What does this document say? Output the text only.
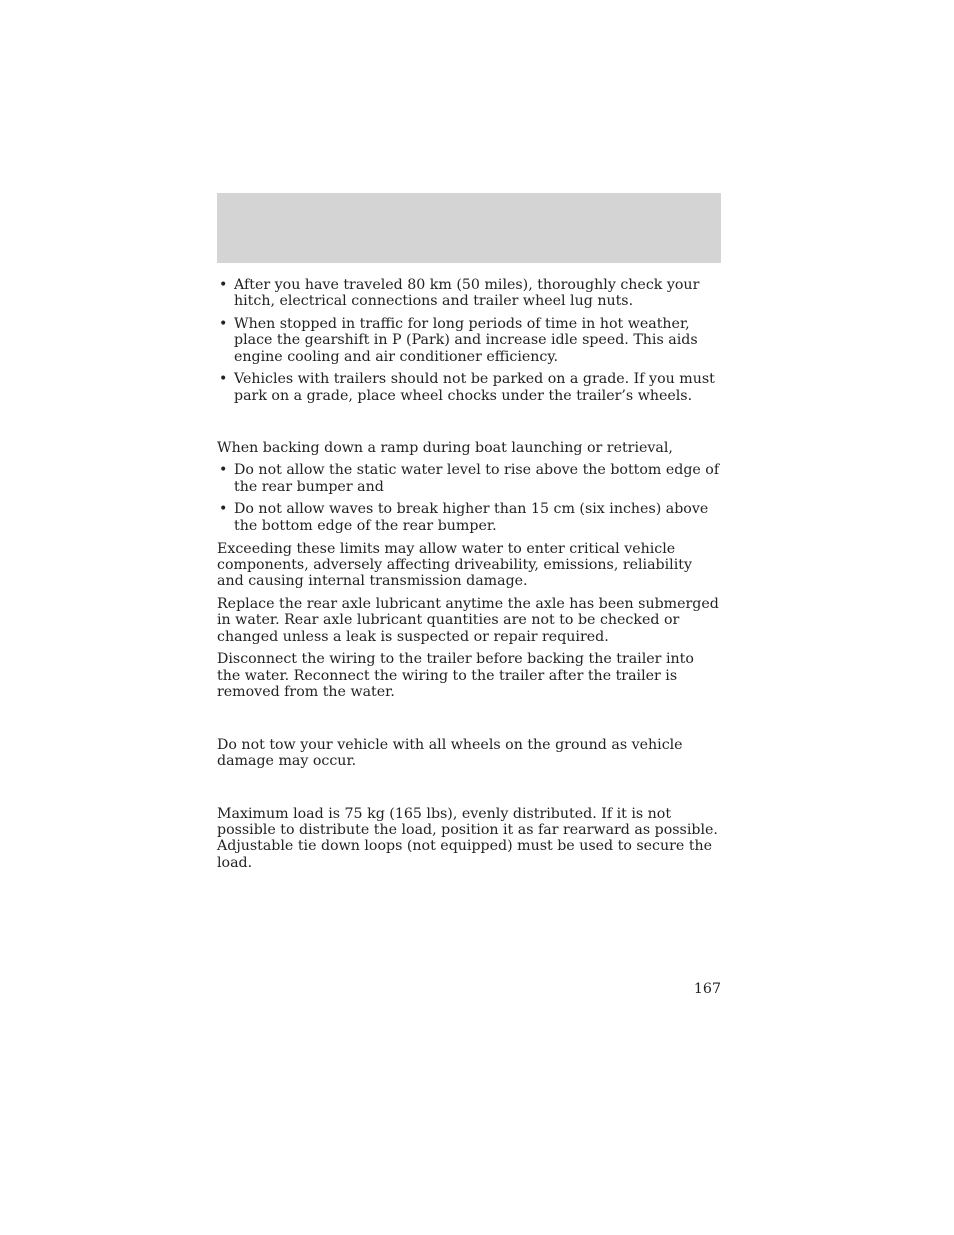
• After you have traveled 80 km (50 miles), thoroughly check your hitch, electrical connections and trailer wheel lug nuts.
• When stopped in traffic for long periods of time in hot weather, place the gearshift in P (Park) and increase idle speed. This aids engine cooling and air conditioner efficiency.
• Vehicles with trailers should not be parked on a grade. If you must park on a grade, place wheel chocks under the trailer’s wheels.

When backing down a ramp during boat launching or retrieval,

• Do not allow the static water level to rise above the bottom edge of the rear bumper and
• Do not allow waves to break higher than 15 cm (six inches) above the bottom edge of the rear bumper.

Exceeding these limits may allow water to enter critical vehicle components, adversely affecting driveability, emissions, reliability and causing internal transmission damage.

Replace the rear axle lubricant anytime the axle has been submerged in water. Rear axle lubricant quantities are not to be checked or changed unless a leak is suspected or repair required.

Disconnect the wiring to the trailer before backing the trailer into the water. Reconnect the wiring to the trailer after the trailer is removed from the water.

Do not tow your vehicle with all wheels on the ground as vehicle damage may occur.

Maximum load is 75 kg (165 lbs), evenly distributed. If it is not possible to distribute the load, position it as far rearward as possible. Adjustable tie down loops (not equipped) must be used to secure the load.

167
